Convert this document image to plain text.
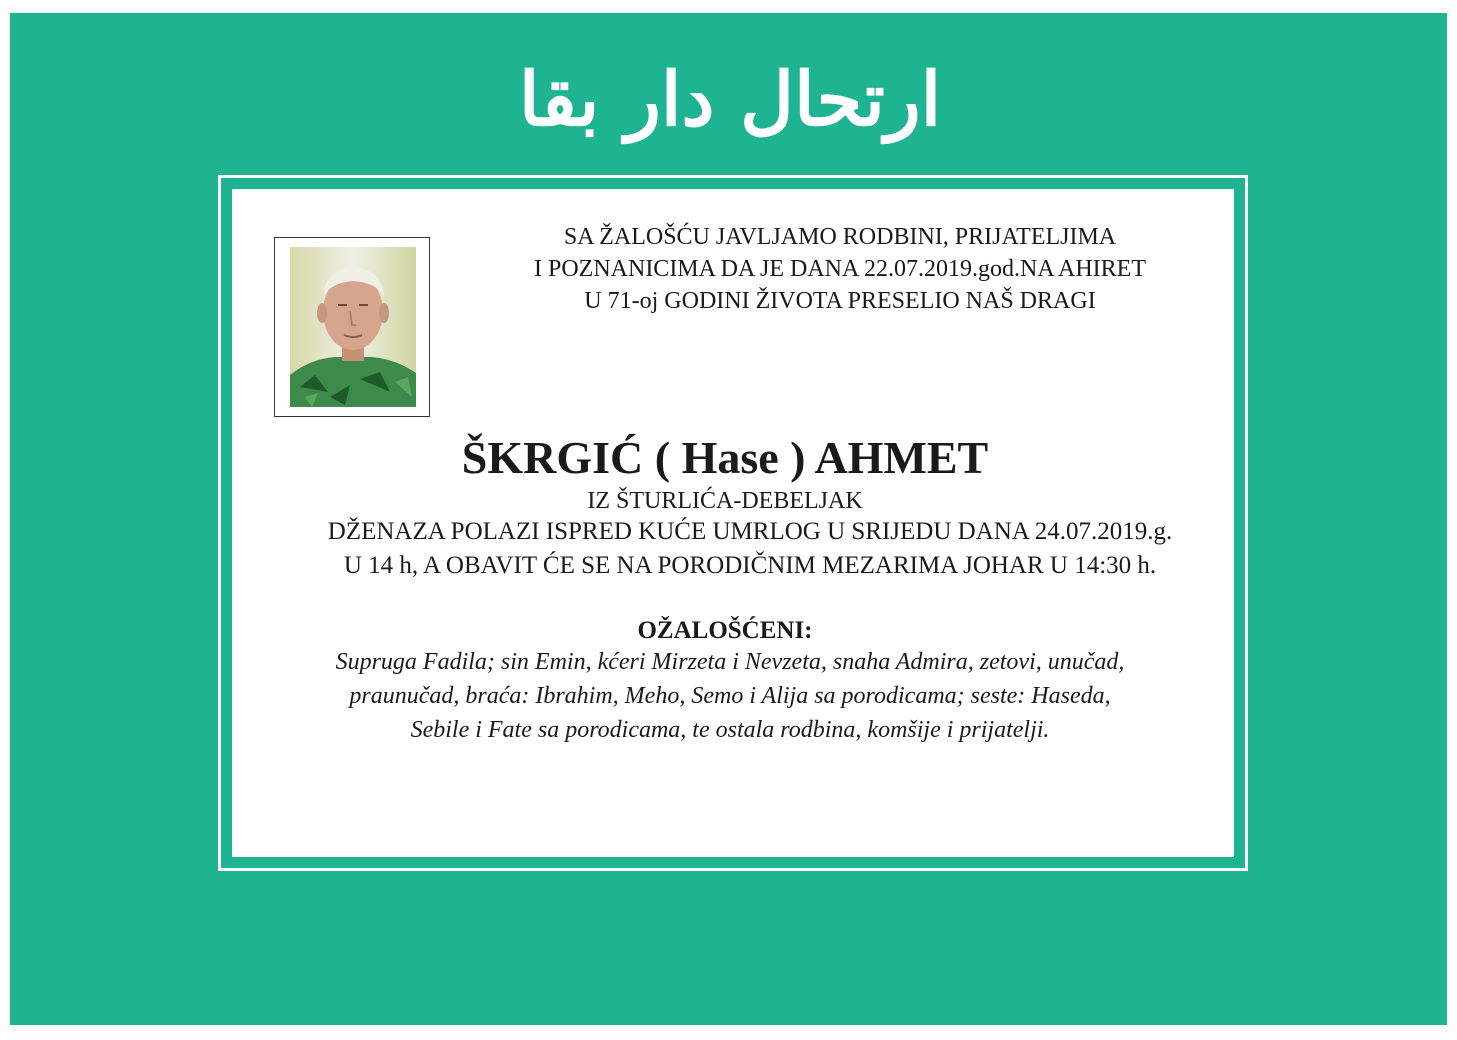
ارتحال دار بقا
SA ŽALOŠĆU JAVLJAMO RODBINI, PRIJATELJIMA
I POZNANICIMA DA JE DANA 22.07.2019.god.NA AHIRET
U 71-oj GODINI ŽIVOTA PRESELIO NAŠ DRAGI
ŠKRGIĆ ( Hase ) AHMET
IZ ŠTURLIĆA-DEBELJAK
DŽENAZA POLAZI ISPRED KUĆE UMRLOG U SRIJEDU DANA 24.07.2019.g.
U 14 h, A OBAVIT ĆE SE NA PORODIČNIM MEZARIMA JOHAR U 14:30 h.
OŽALOŠĆENI:
Supruga Fadila; sin Emin, kćeri Mirzeta i Nevzeta, snaha Admira, zetovi, unučad,
praunučad, braća: Ibrahim, Meho, Semo i Alija sa porodicama; seste: Haseda,
Sebile i Fate sa porodicama, te ostala rodbina, komšije i prijatelji.
